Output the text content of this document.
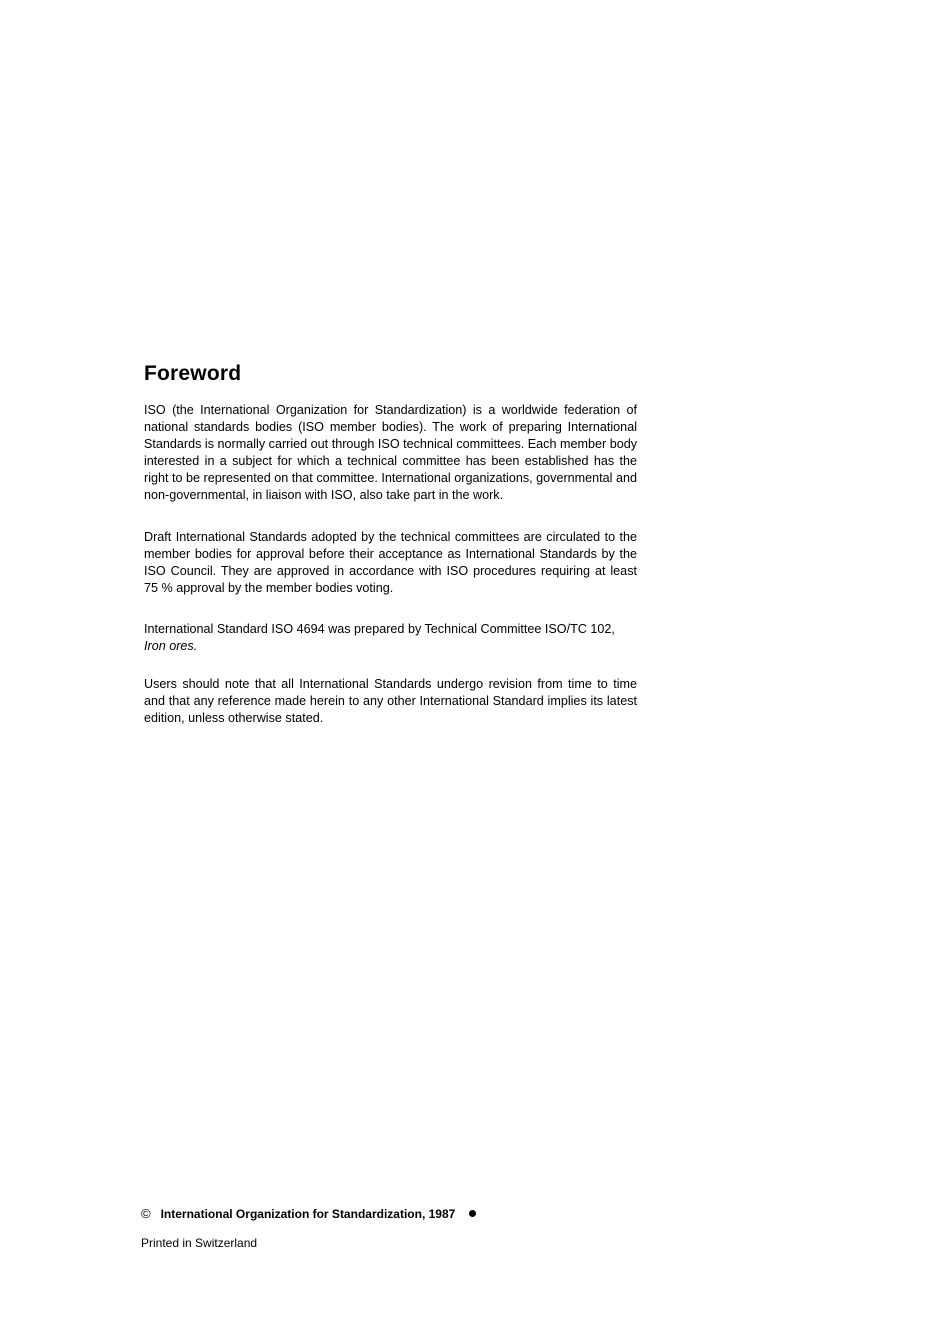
Foreword

ISO (the International Organization for Standardization) is a worldwide federation of national standards bodies (ISO member bodies). The work of preparing International Standards is normally carried out through ISO technical committees. Each member body interested in a subject for which a technical committee has been established has the right to be represented on that committee. International organizations, governmental and non-governmental, in liaison with ISO, also take part in the work.

Draft International Standards adopted by the technical committees are circulated to the member bodies for approval before their acceptance as International Standards by the ISO Council. They are approved in accordance with ISO procedures requiring at least 75 % approval by the member bodies voting.

International Standard ISO 4694 was prepared by Technical Committee ISO/TC 102,
Iron ores.

Users should note that all International Standards undergo revision from time to time and that any reference made herein to any other International Standard implies its latest edition, unless otherwise stated.

© International Organization for Standardization, 1987
Printed in Switzerland
